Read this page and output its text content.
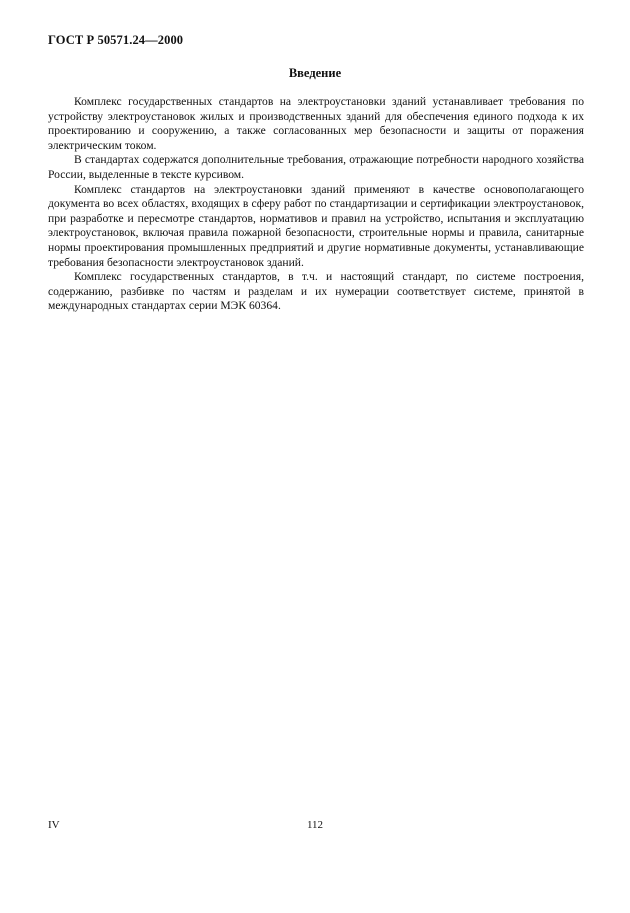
ГОСТ Р 50571.24—2000
Введение

Комплекс государственных стандартов на электроустановки зданий устанавливает требования по устройству электроустановок жилых и производственных зданий для обеспечения единого подхода к их проектированию и сооружению, а также согласованных мер безопасности и защиты от поражения электрическим током.

В стандартах содержатся дополнительные требования, отражающие потребности народного хозяйства России, выделенные в тексте курсивом.

Комплекс стандартов на электроустановки зданий применяют в качестве основополагающего документа во всех областях, входящих в сферу работ по стандартизации и сертификации электроустановок, при разработке и пересмотре стандартов, нормативов и правил на устройство, испытания и эксплуатацию электроустановок, включая правила пожарной безопасности, строительные нормы и правила, санитарные нормы проектирования промышленных предприятий и другие нормативные документы, устанавливающие требования безопасности электроустановок зданий.

Комплекс государственных стандартов, в т.ч. и настоящий стандарт, по системе построения, содержанию, разбивке по частям и разделам и их нумерации соответствует системе, принятой в международных стандартах серии МЭК 60364.

IV	112
